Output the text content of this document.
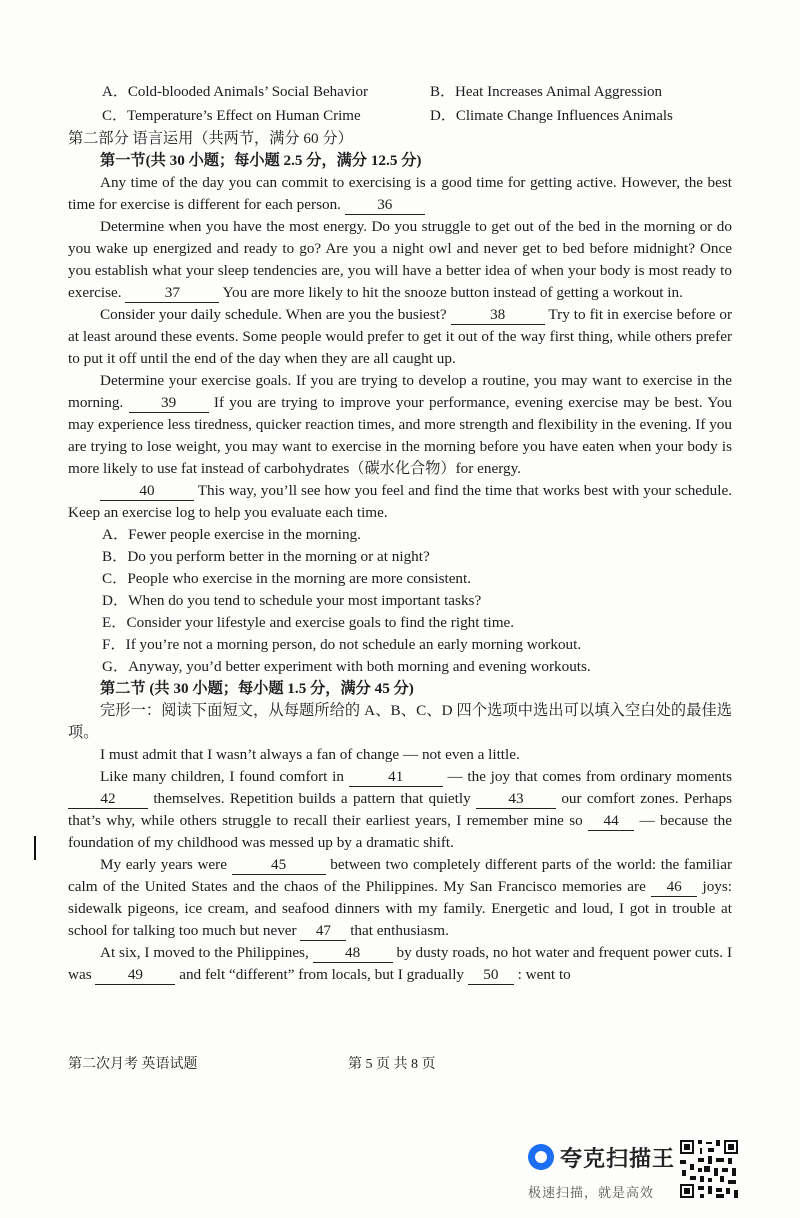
A．Cold-blooded Animals’ Social Behavior	B．Heat Increases Animal Aggression
C．Temperature’s Effect on Human Crime	D．Climate Change Influences Animals

第二部分 语言运用（共两节，满分 60 分）

第一节(共 30 小题；每小题 2.5 分，满分 12.5 分)

Any time of the day you can commit to exercising is a good time for getting active. However, the best time for exercise is different for each person. 36

Determine when you have the most energy. Do you struggle to get out of the bed in the morning or do you wake up energized and ready to go? Are you a night owl and never get to bed before midnight? Once you establish what your sleep tendencies are, you will have a better idea of when your body is most ready to exercise.	37	You are more likely to hit the snooze button instead of getting a workout in.

Consider your daily schedule. When are you the busiest?	38	Try to fit in exercise before or at least around these events. Some people would prefer to get it out of the way first thing, while others prefer to put it off until the end of the day when they are all caught up.

Determine your exercise goals. If you are trying to develop a routine, you may want to exercise in the morning. 39 If you are trying to improve your performance, evening exercise may be best. You may experience less tiredness, quicker reaction times, and more strength and flexibility in the evening. If you are trying to lose weight, you may want to exercise in the morning before you have eaten when your body is more likely to use fat instead of carbohydrates（碳水化合物）for energy.

40	This way, you’ll see how you feel and find the time that works best with your schedule. Keep an exercise log to help you evaluate each time.

A．Fewer people exercise in the morning.

B．Do you perform better in the morning or at night?

C．People who exercise in the morning are more consistent.

D．When do you tend to schedule your most important tasks?

E．Consider your lifestyle and exercise goals to find the right time.

F．If you’re not a morning person, do not schedule an early morning workout.

G．Anyway, you’d better experiment with both morning and evening workouts.

第二节 (共 30 小题；每小题 1.5 分，满分 45 分)

完形一：阅读下面短文，从每题所给的 A、B、C、D 四个选项中选出可以填入空白处的最佳选项。

I must admit that I wasn’t always a fan of change — not even a little.

Like many children, I found comfort in	41	— the joy that comes from ordinary moments 42 themselves. Repetition builds a pattern that quietly 43 our comfort zones. Perhaps that’s why, while others struggle to recall their earliest years, I remember mine so 44 — because the foundation of my childhood was messed up by a dramatic shift.

My early years were	45	between two completely different parts of the world: the familiar calm of the United States and the chaos of the Philippines. My San Francisco memories are 46 joys: sidewalk pigeons, ice cream, and seafood dinners with my family. Energetic and loud, I got in trouble at school for talking too much but never 47 that enthusiasm.

At six, I moved to the Philippines, 48 by dusty roads, no hot water and frequent power cuts. I was 49 and felt “different” from locals, but I gradually 50 : went to

第二次月考 英语试题	第 5 页 共 8 页
夸克扫描王
极速扫描，就是高效
